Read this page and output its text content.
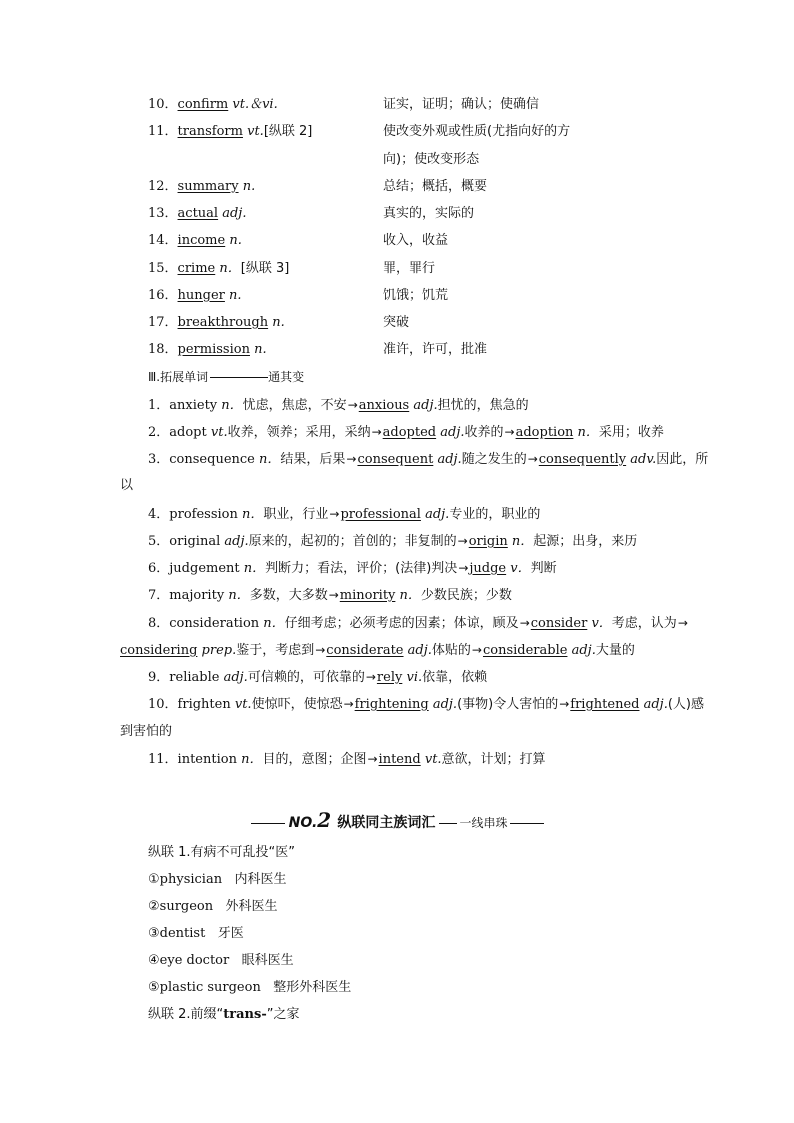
10．confirm vt.＆vi.	证实，证明；确认；使确信
11．transform vt.[纵联 2]	使改变外观或性质(尤指向好的方
向)；使改变形态
12．summary n.	总结；概括，概要
13．actual adj.	真实的，实际的
14．income n.	收入，收益
15．crime n．[纵联 3]	罪，罪行
16．hunger n.	饥饿；饥荒
17．breakthrough n.	突破
18．permission n.	准许，许可，批准
Ⅲ.拓展单词	通其变
1．anxiety n．忧虑，焦虑，不安→anxious adj.担忧的，焦急的
2．adopt vt.收养，领养；采用，采纳→adopted adj.收养的→adoption n．采用；收养
3．consequence n．结果，后果→consequent adj.随之发生的→consequently adv.因此，所
以
4．profession n．职业，行业→professional adj.专业的，职业的
5．original adj.原来的，起初的；首创的；非复制的→origin n．起源；出身，来历
6．judgement n．判断力；看法，评价；(法律)判决→judge v．判断
7．majority n．多数，大多数→minority n．少数民族；少数
8．consideration n．仔细考虑；必须考虑的因素；体谅，顾及→consider v．考虑，认为→
considering prep.鉴于，考虑到→considerate adj.体贴的→considerable adj.大量的
9．reliable adj.可信赖的，可依靠的→rely vi.依靠，依赖
10．frighten vt.使惊吓，使惊恐→frightening adj.(事物)令人害怕的→frightened adj.(人)感
到害怕的
11．intention n．目的，意图；企图→intend vt.意欲，计划；打算
NO.2 纵联同主族词汇 一线串珠
纵联 1.有病不可乱投“医”
①physician 内科医生
②surgeon 外科医生
③dentist 牙医
④eye doctor 眼科医生
⑤plastic surgeon 整形外科医生
纵联 2.前缀“trans-”之家
